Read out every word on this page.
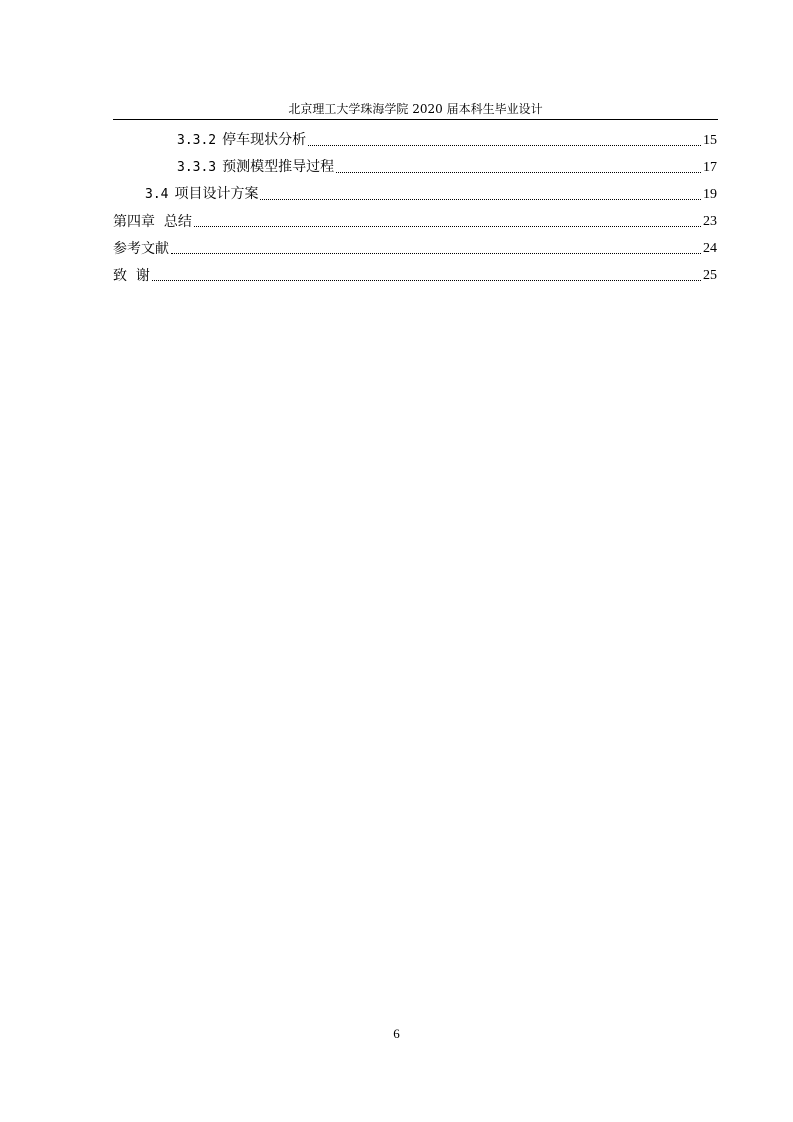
北京理工大学珠海学院 2020 届本科生毕业设计
3.3.2 停车现状分析	15
3.3.3 预测模型推导过程	17
3.4 项目设计方案	19
第四章  总结	23
参考文献	24
致  谢	25
6
